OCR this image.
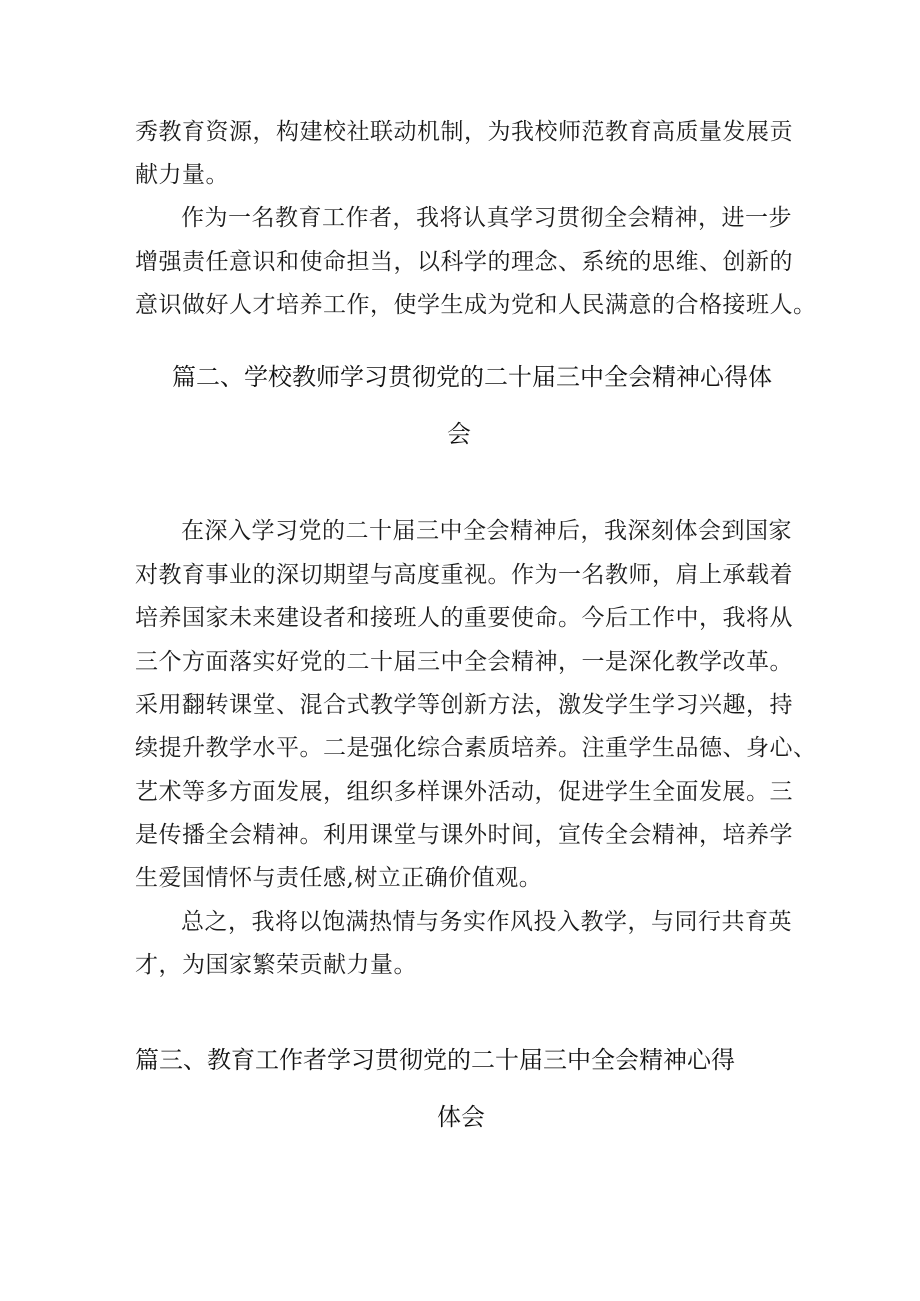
秀教育资源，构建校社联动机制，为我校师范教育高质量发展贡
献力量。
作为一名教育工作者，我将认真学习贯彻全会精神，进一步
增强责任意识和使命担当，以科学的理念、系统的思维、创新的
意识做好人才培养工作，使学生成为党和人民满意的合格接班人。
篇二、学校教师学习贯彻党的二十届三中全会精神心得体
会
在深入学习党的二十届三中全会精神后，我深刻体会到国家
对教育事业的深切期望与高度重视。作为一名教师，肩上承载着
培养国家未来建设者和接班人的重要使命。今后工作中，我将从
三个方面落实好党的二十届三中全会精神，一是深化教学改革。
采用翻转课堂、混合式教学等创新方法，激发学生学习兴趣，持
续提升教学水平。二是强化综合素质培养。注重学生品德、身心、
艺术等多方面发展，组织多样课外活动，促进学生全面发展。三
是传播全会精神。利用课堂与课外时间，宣传全会精神，培养学
生爱国情怀与责任感,树立正确价值观。
总之，我将以饱满热情与务实作风投入教学，与同行共育英
才，为国家繁荣贡献力量。
篇三、教育工作者学习贯彻党的二十届三中全会精神心得
体会
